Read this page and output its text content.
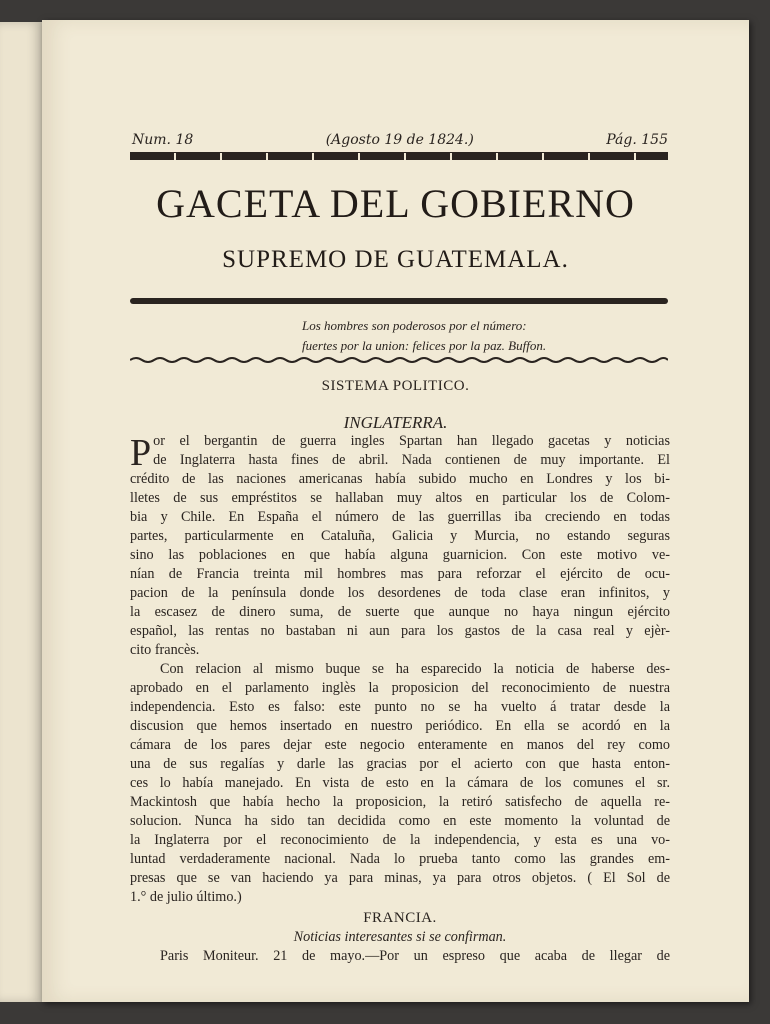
Num. 18	(Agosto 19 de 1824.)	Pág. 155
GACETA DEL GOBIERNO
SUPREMO DE GUATEMALA.
Los hombres son poderosos por el número:
fuertes por la union: felices por la paz. Buffon.
SISTEMA POLITICO.
INGLATERRA.
P or el bergantin de guerra ingles Spartan han llegado gacetas y noticias
de Inglaterra hasta fines de abril. Nada contienen de muy importante. El
crédito de las naciones americanas había subido mucho en Londres y los bi-
lletes de sus empréstitos se hallaban muy altos en particular los de Colom-
bia y Chile. En España el número de las guerrillas iba creciendo en todas
partes, particularmente en Cataluña, Galicia y Murcia, no estando seguras
sino las poblaciones en que había alguna guarnicion. Con este motivo ve-
nían de Francia treinta mil hombres mas para reforzar el ejército de ocu-
pacion de la península donde los desordenes de toda clase eran infinitos, y
la escasez de dinero suma, de suerte que aunque no haya ningun ejército
español, las rentas no bastaban ni aun para los gastos de la casa real y ejèr-
cito francès.
Con relacion al mismo buque se ha esparecido la noticia de haberse des-
aprobado en el parlamento inglès la proposicion del reconocimiento de nuestra
independencia. Esto es falso: este punto no se ha vuelto á tratar desde la
discusion que hemos insertado en nuestro periódico. En ella se acordó en la
cámara de los pares dejar este negocio enteramente en manos del rey como
una de sus regalías y darle las gracias por el acierto con que hasta enton-
ces lo había manejado. En vista de esto en la cámara de los comunes el sr.
Mackintosh que había hecho la proposicion, la retiró satisfecho de aquella re-
solucion. Nunca ha sido tan decidida como en este momento la voluntad de
la Inglaterra por el reconocimiento de la independencia, y esta es una vo-
luntad verdaderamente nacional. Nada lo prueba tanto como las grandes em-
presas que se van haciendo ya para minas, ya para otros objetos. ( El Sol de
1.° de julio último.)
FRANCIA.
Noticias interesantes si se confirman.
Paris Moniteur. 21 de mayo.—Por un espreso que acaba de llegar de
